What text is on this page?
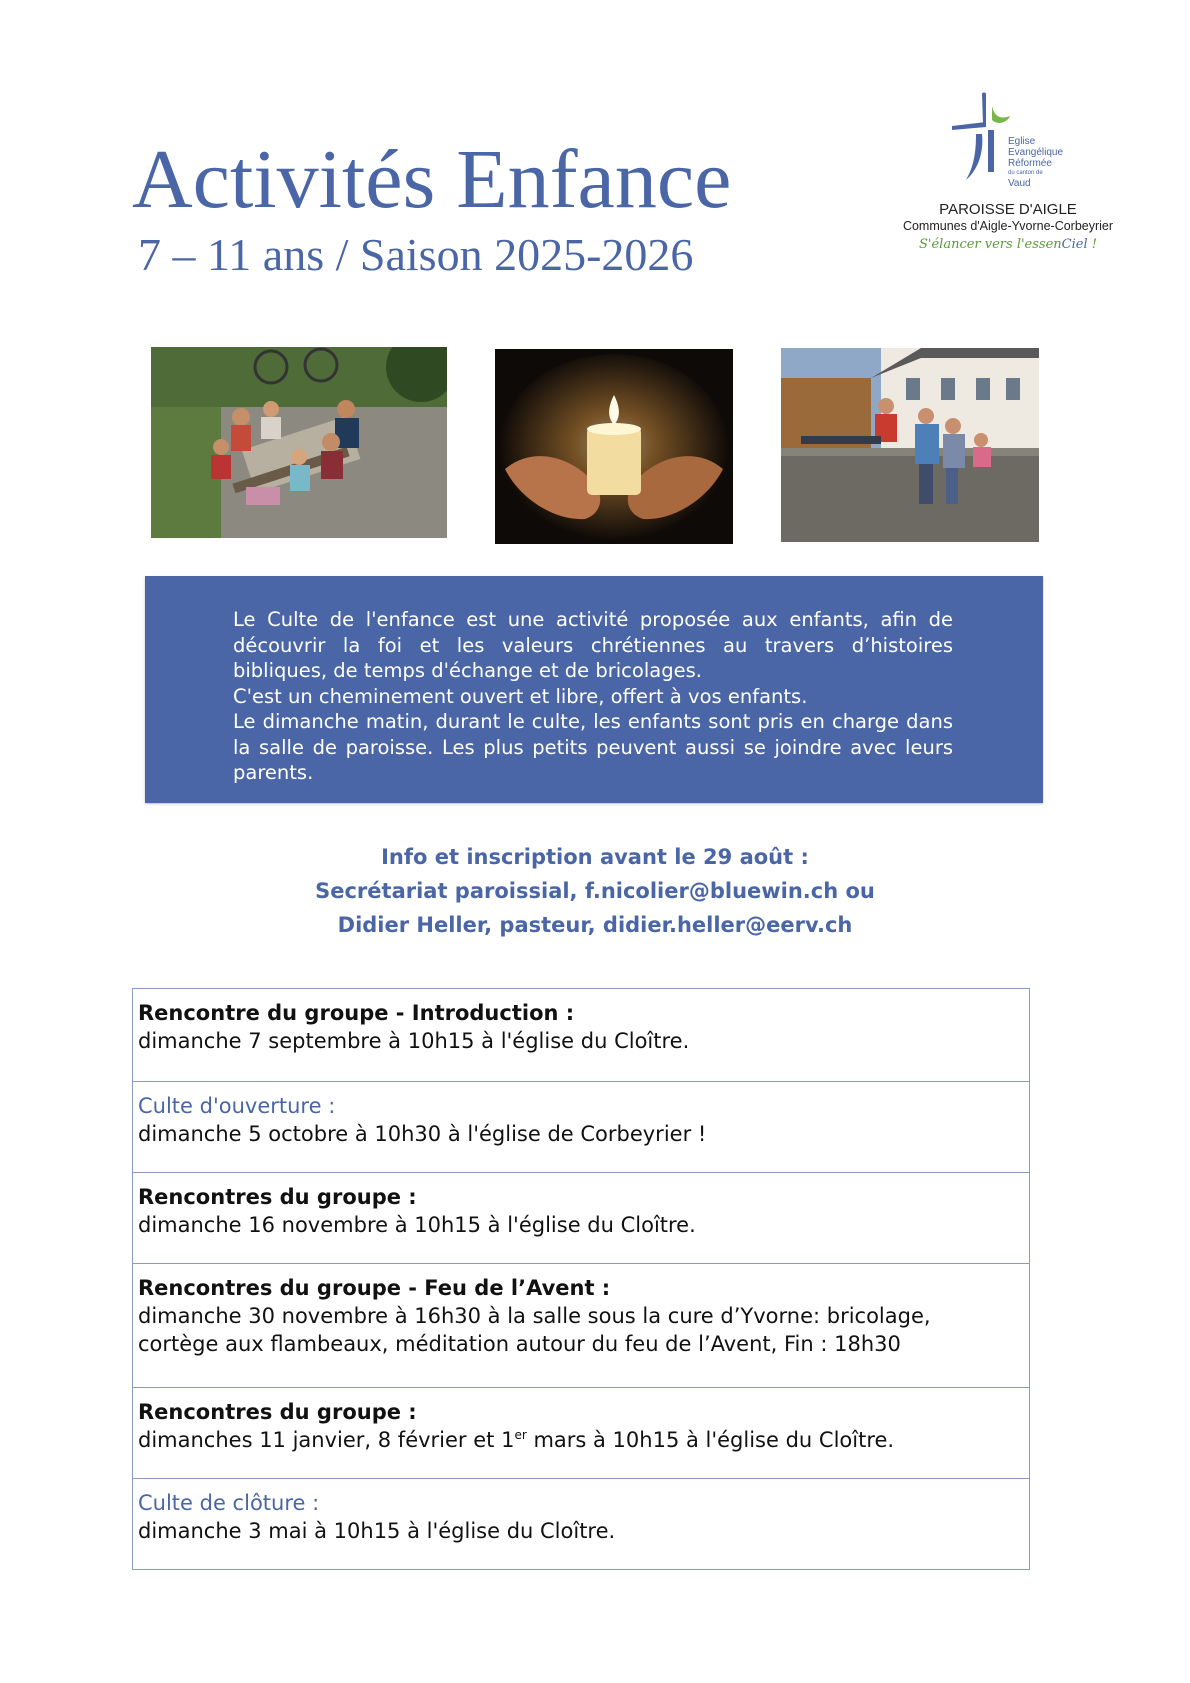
Activités Enfance
7 – 11 ans / Saison 2025-2026
Eglise
Evangélique
Réformée
du canton de
Vaud
PAROISSE D'AIGLE
Communes d'Aigle-Yvorne-Corbeyrier
S'élancer vers l'essenCiel !

Le Culte de l'enfance est une activité proposée aux enfants, afin de
découvrir la foi et les valeurs chrétiennes au travers d’histoires
bibliques, de temps d'échange et de bricolages.
C'est un cheminement ouvert et libre, offert à vos enfants.
Le dimanche matin, durant le culte, les enfants sont pris en charge dans
la salle de paroisse. Les plus petits peuvent aussi se joindre avec leurs
parents.

Info et inscription avant le 29 août :
Secrétariat paroissial, f.nicolier@bluewin.ch ou
Didier Heller, pasteur, didier.heller@eerv.ch
Rencontre du groupe - Introduction :
dimanche 7 septembre à 10h15 à l'église du Cloître.
Culte d'ouverture :
dimanche 5 octobre à 10h30 à l'église de Corbeyrier !
Rencontres du groupe :
dimanche 16 novembre à 10h15 à l'église du Cloître.
Rencontres du groupe - Feu de l’Avent :
dimanche 30 novembre à 16h30 à la salle sous la cure d’Yvorne: bricolage,
cortège aux flambeaux, méditation autour du feu de l’Avent, Fin : 18h30
Rencontres du groupe :
dimanches 11 janvier, 8 février et 1er mars à 10h15 à l'église du Cloître.
Culte de clôture :
dimanche 3 mai à 10h15 à l'église du Cloître.
